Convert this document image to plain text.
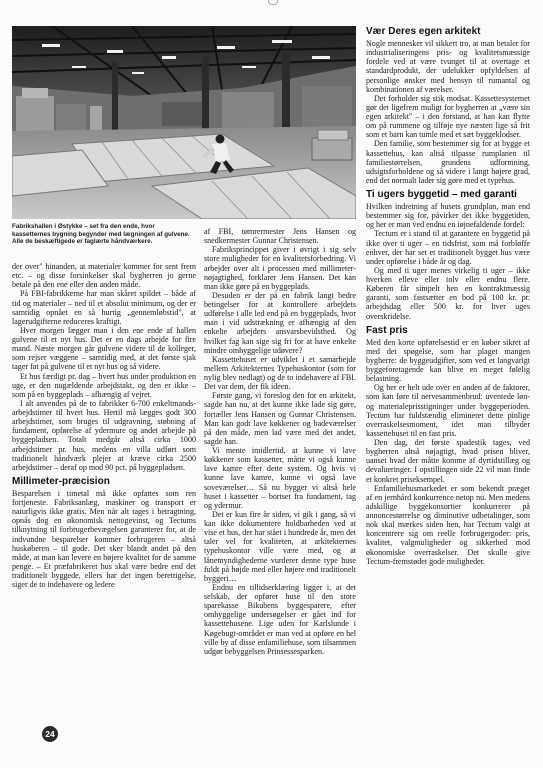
Fabrikshallen i Østykke – set fra den ende, hvor kassetternes bygning begynder med lægningen af gulvene. Alle de beskæftigede er faglærte håndværkere.

der over" hinanden, at materialer kommer for sent frem etc. – og disse forsinkelser skal bygherren jo gerne betale på den ene eller den anden måde.

På FBI-fabrikkerne har man skåret spildet – både af tid og materialer – ned til et absolut minimum, og der er samtidig opnået en så hurtig „gennemløbstid", at lagerudgifterne reduceres kraftigt.

Hver morgen lægger man i den ene ende af hallen gulvene til et nyt hus. Det er en dags arbejde for fire mand. Næste morgen går gulvene videre til de kolleger, som rejser væggene – samtidig med, at det første sjak tager fat på gulvene til et nyt hus og så videre.

Et hus færdigt pr. dag – hvert hus under produktion en uge, er den nugældende arbejdstakt, og den er ikke – som på en byggeplads – afhængig af vejret.

I alt anvendes på de to fabrikker 6-700 enkeltmands-arbejdstimer til hvert hus. Hertil må lægges godt 300 arbejdstimer, som bruges til udgravning, støbning af fundament, opførelse af ydermure og andet arbejde på byggepladsen. Totalt medgår altså cirka 1000 arbejdstimer pr. hus, medens en villa udført som traditionelt håndværk plejer at kræve cirka 2500 arbejdstimer – deraf op mod 90 pct. på byggepladsen.

Millimeter-præcision

Besparelsen i timetal må ikke opfattes som ren fortjeneste. Fabriksanlæg, maskiner og transport er naturligvis ikke gratis. Men når alt tages i betragtning, opnås dog en økonomisk nettogevinst, og Tectums tilknytning til forbrugerbevægelsen garanterer for, at de indvundne besparelser kommer forbrugeren – altså huskøberen – til gode. Det sker blandt andet på den måde, at man kan levere en højere kvalitet for de samme penge. – Et præfabrikeret hus skal være bedre end det traditionelt byggede, ellers har det ingen berettigelse, siger de to indehavere og ledere

af FBI, tømrermester Jens Hansen og snedkermester Gunnar Christensen.

Fabriksprincippet giver i øvrigt i sig selv store muligheder for en kvalitetsforbedring. Vi arbejder over alt i processen med millimeter-nøjagtighed, forklarer Jens Hansen. Det kan man ikke gøre på en byggeplads.

Desuden er der på en fabrik langt bedre betingelser for at kontrollere arbejdets udførelse i alle led end på en byggeplads, hvor man i vid udstrækning er afhængig af den enkelte arbejders ansvarsbevidsthed. Og hvilket fag kan sige sig fri for at have enkelte mindre omhyggelige udøvere?

Kassettehuset er udviklet i et samarbejde mellem Arkitekternes Typehuskontor (som for nylig blev nedlagt) og de to indehavere af FBI. Det var dem, der fik ideen.

Første gang, vi foreslog den for en arkitekt, sagde han nu, at det kunne ikke lade sig gøre, fortæller Jens Hansen og Gunnar Christensen. Man kan godt lave køkkener og badeværelser på den måde, men lad være med det andet, sagde han.

Vi mente imidlertid, at kunne vi lave køkkener som kassetter, måtte vi også kunne lave kamre efter dette system. Og hvis vi kunne lave kamre, kunne vi også lave soveværelser… Så nu bygger vi altså hele huset i kassetter – bortset fra fundament, tag og ydermur.

Det er kun fire år siden, vi gik i gang, så vi kan ikke dokumentere holdbarheden ved at vise et hus, der har stået i hundrede år, men det taler vel for kvaliteten, at arkitekternes typehuskontor ville være med, og at lånemyndighederne vurderer denne type huse fuldt på højde med eller højere end traditionelt byggeri…

Endnu en tillidserklæring ligger i, at det selskab, der opfører huse til den store sparekasse Bikubens byggesparere, efter omhyggelige undersøgelser er gået ind for kassettehusene. Lige uden for Karlslunde i Køgebugt-området er man ved at opføre en hel ville by af disse enfamiliehuse, som tilsammen udgør bebyggelsen Prinsessesparken.

Vær Deres egen arkitekt

Nogle mennesker vil sikkert tro, at man betaler for industrialiseringens pris- og kvalitetsmæssige fordele ved at være tvunget til at overtage et standardprodukt, der udelukker opfyldelsen af personlige ønsker med hensyn til rumantal og kombinationen af værelser.

Det forholder sig stik modsat. Kassettesystemet gør det ligefrem muligt for bygherren at „være sin egen arkitekt" – i den forstand, at han kan flytte om på rummene og tilføje nye næsten lige så frit som et barn kan tumle med et sæt byggeklodser.

Den familie, som bestemmer sig for at bygge et kassettehus, kan altså tilpasse rumplanen til familiestørrelsen, grundens udformning, udsigtsforholdene og så videre i langt højere grad, end det normalt lader sig gøre med et typehus.

Ti ugers byggetid – med garanti

Hvilken indretning af husets grundplan, man end bestemmer sig for, påvirker det ikke byggetiden, og her er man ved endnu en iøjnefaldende fordel:

Tectum er i stand til at garantere en byggetid på ikke over ti uger – en tidsfrist, som må forbløffe enhver, der har set et traditionelt bygget hus være under opførelse i både år og dag.

Og med ti uger menes virkelig ti uger – ikke hverken elleve eller tolv eller endnu flere. Køberen får simpelt hen en kontraktmæssig garanti, som fastsætter en bod på 100 kr. pr. arbejdsdag eller 500 kr. for hver uges overskridelse.

Fast pris

Med den korte opførelsestid er en køber sikret af med det spøgelse, som har plaget mangen bygherre: de byggeudgifter, som ved et langvarigt byggeforetagende kan blive en meget følelig belastning.

Og her er helt ude over en anden af de faktorer, som kan føre til nervesammenbrud: uventede løn- og materialeprisstigninger under byggeperioden. Tectum har fuldstændig elimineret dette pinlige overraskelsesmoment, idet man tilbyder kassettehuset til en fast pris.

Den dag, det første spadestik tages, ved bygherren altså nøjagtigt, hvad prisen bliver, uanset hvad der måtte komme af dyrtidstillæg og devalueringer. I opstillingen side 22 vil man finde et konkret priseksempel.

Enfamiliehusmarkedet er som bekendt præget af en jernhård konkurrence netop nu. Men medens adskillige byggekonsortier konkurrerer på annoncestørrelse og diminutive udbetalinger, som nok skal mærkes siden hen, har Tectum valgt at koncentrere sig om reelle forbrugergoder: pris, kvalitet, valgmuligheder og sikkerhed mod økonomiske overraskelser. Det skulle give Tectum-fremstødet gode muligheder.

24
